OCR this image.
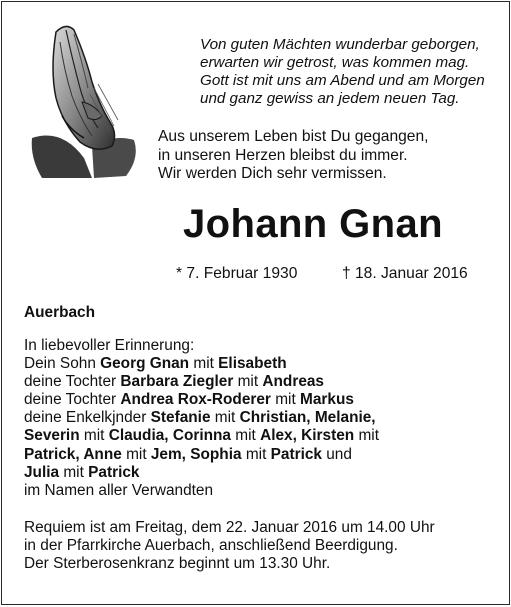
Von guten Mächten wunderbar geborgen,
erwarten wir getrost, was kommen mag.
Gott ist mit uns am Abend und am Morgen
und ganz gewiss an jedem neuen Tag.
Aus unserem Leben bist Du gegangen,
in unseren Herzen bleibst du immer.
Wir werden Dich sehr vermissen.
Johann Gnan
* 7. Februar 1930	† 18. Januar 2016
Auerbach
In liebevoller Erinnerung:
Dein Sohn Georg Gnan mit Elisabeth
deine Tochter Barbara Ziegler mit Andreas
deine Tochter Andrea Rox-Roderer mit Markus
deine Enkelkjnder Stefanie mit Christian, Melanie,
Severin mit Claudia, Corinna mit Alex, Kirsten mit
Patrick, Anne mit Jem, Sophia mit Patrick und
Julia mit Patrick
im Namen aller Verwandten
Requiem ist am Freitag, dem 22. Januar 2016 um 14.00 Uhr
in der Pfarrkirche Auerbach, anschließend Beerdigung.
Der Sterberosenkranz beginnt um 13.30 Uhr.
